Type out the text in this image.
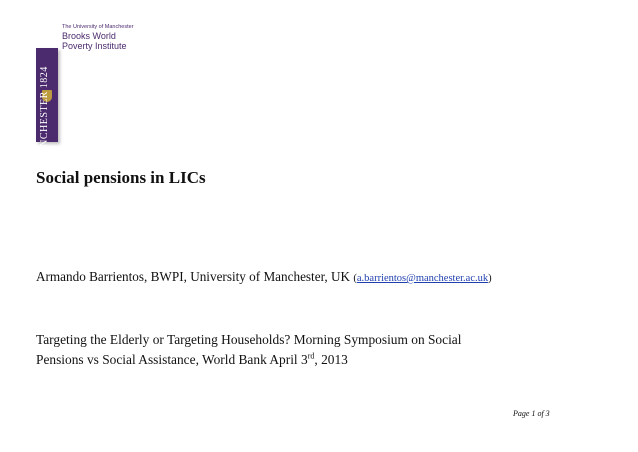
The University of Manchester
Brooks World
Poverty Institute
MANCHESTER 1824
Social pensions in LICs
Armando Barrientos, BWPI, University of Manchester, UK (a.barrientos@manchester.ac.uk)
Targeting the Elderly or Targeting Households? Morning Symposium on Social
Pensions vs Social Assistance, World Bank April 3rd, 2013
Page 1 of 3
